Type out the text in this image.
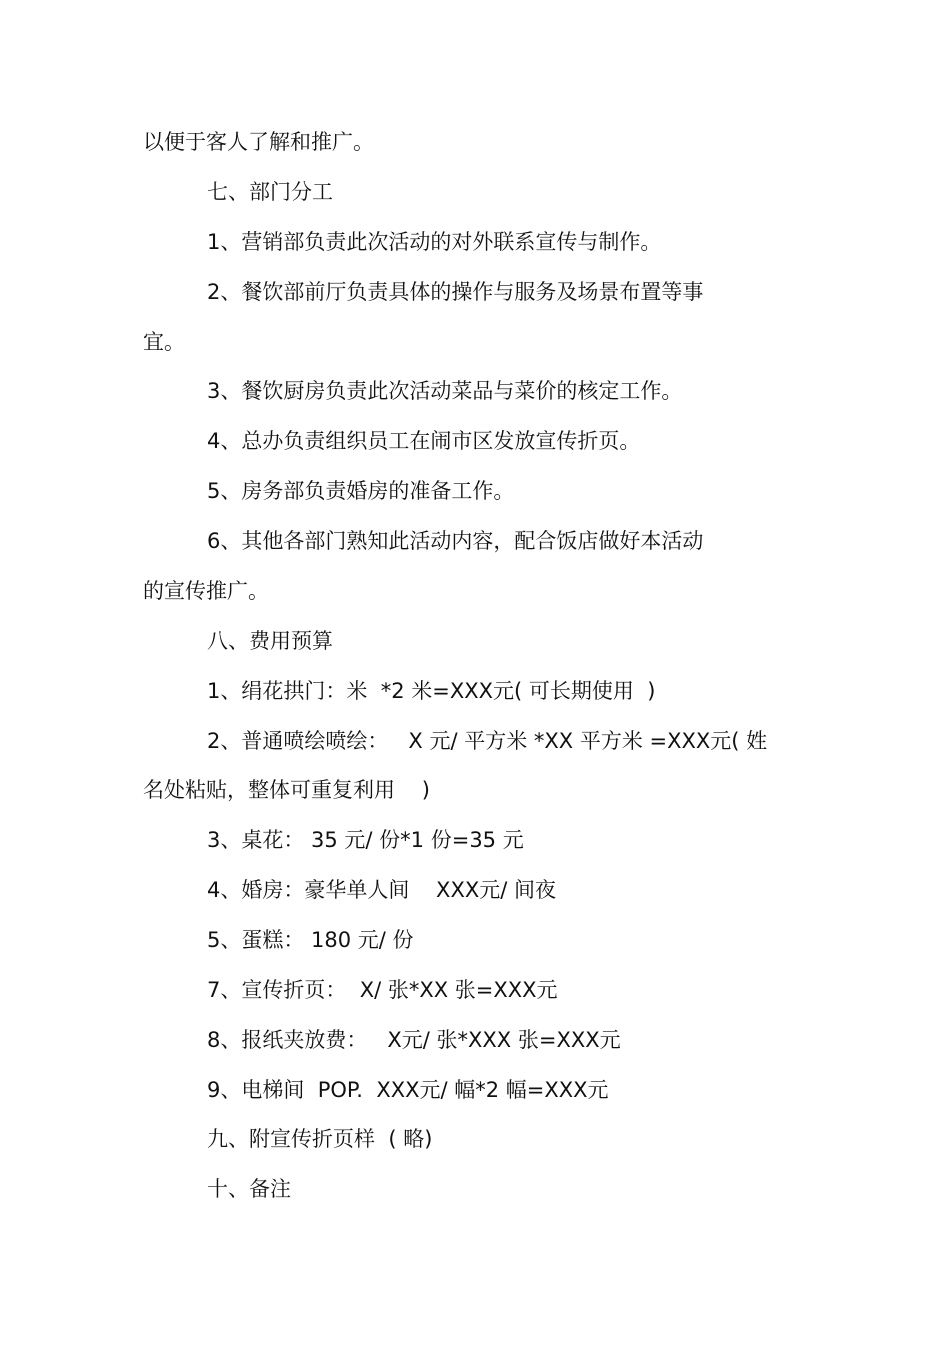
以便于客人了解和推广。
七、部门分工
1、营销部负责此次活动的对外联系宣传与制作。
2、餐饮部前厅负责具体的操作与服务及场景布置等事
宜。
3、餐饮厨房负责此次活动菜品与菜价的核定工作。
4、总办负责组织员工在闹市区发放宣传折页。
5、房务部负责婚房的准备工作。
6、其他各部门熟知此活动内容，配合饭店做好本活动
的宣传推广。
八、费用预算
1、绢花拱门：米  *2 米=XXX元( 可长期使用  )
2、普通喷绘喷绘：   X 元/ 平方米 *XX 平方米 =XXX元( 姓
名处粘贴，整体可重复利用    )
3、桌花： 35 元/ 份*1 份=35 元
4、婚房：豪华单人间    XXX元/ 间夜
5、蛋糕： 180 元/ 份
7、宣传折页：  X/ 张*XX 张=XXX元
8、报纸夹放费：   X元/ 张*XXX 张=XXX元
9、电梯间  POP.  XXX元/ 幅*2 幅=XXX元
九、附宣传折页样  ( 略)
十、备注
